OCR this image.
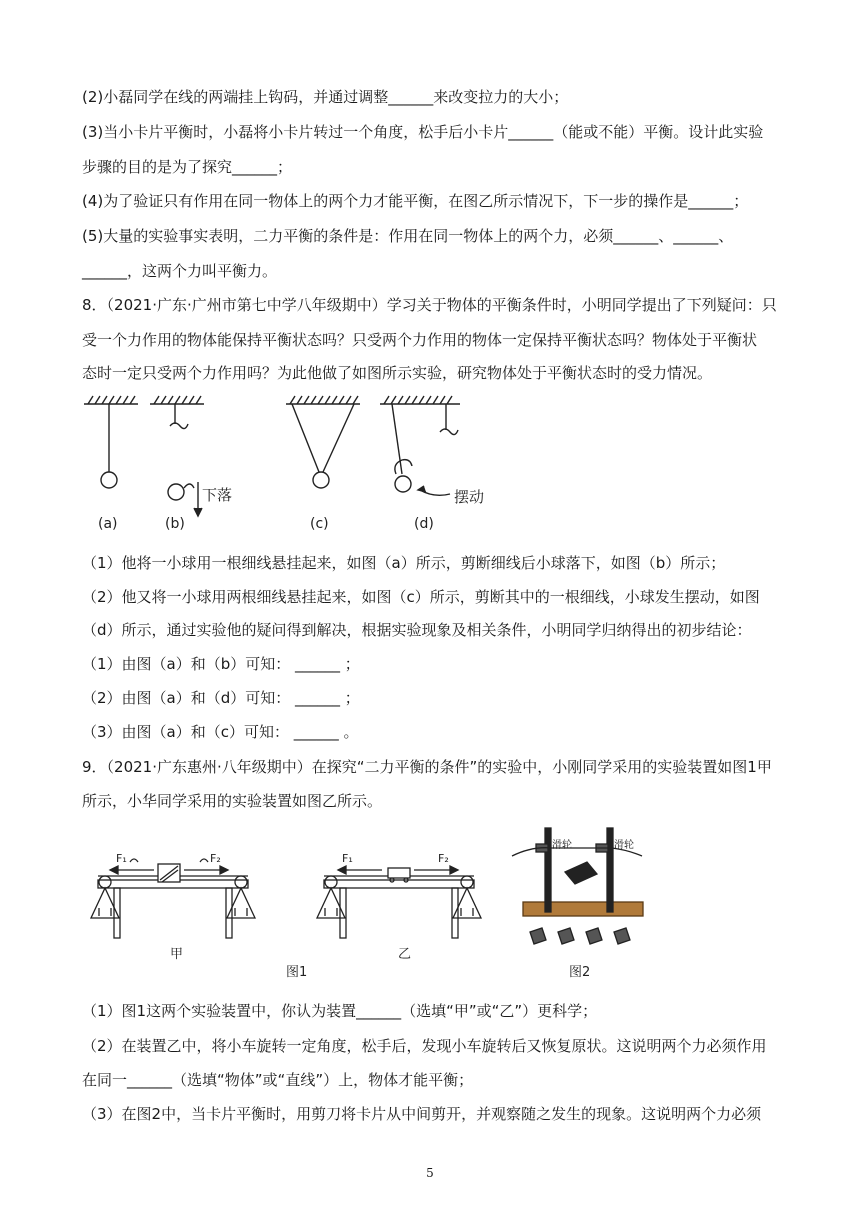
(2)小磊同学在线的两端挂上钩码，并通过调整______来改变拉力的大小；
(3)当小卡片平衡时，小磊将小卡片转过一个角度，松手后小卡片______（能或不能）平衡。设计此实验
步骤的目的是为了探究______；
(4)为了验证只有作用在同一物体上的两个力才能平衡，在图乙所示情况下，下一步的操作是______；
(5)大量的实验事实表明，二力平衡的条件是：作用在同一物体上的两个力，必须______、______、
______，这两个力叫平衡力。
8．（2021·广东·广州市第七中学八年级期中）学习关于物体的平衡条件时，小明同学提出了下列疑问：只
受一个力作用的物体能保持平衡状态吗？只受两个力作用的物体一定保持平衡状态吗？物体处于平衡状
态时一定只受两个力作用吗？为此他做了如图所示实验，研究物体处于平衡状态时的受力情况。
(a)	(b)	(c)	(d)
下落	摆动
（1）他将一小球用一根细线悬挂起来，如图（a）所示，剪断细线后小球落下，如图（b）所示；
（2）他又将一小球用两根细线悬挂起来，如图（c）所示，剪断其中的一根细线，小球发生摆动，如图
（d）所示，通过实验他的疑问得到解决，根据实验现象及相关条件，小明同学归纳得出的初步结论：
（1）由图（a）和（b）可知： ______ ；
（2）由图（a）和（d）可知： ______ ；
（3）由图（a）和（c）可知： ______ 。
9．（2021·广东惠州·八年级期中）在探究“二力平衡的条件”的实验中，小刚同学采用的实验装置如图1甲
所示，小华同学采用的实验装置如图乙所示。
F₁	F₂	F₁	F₂
滑轮	滑轮
甲	乙
图1	图2
（1）图1这两个实验装置中，你认为装置______（选填“甲”或“乙”）更科学；
（2）在装置乙中，将小车旋转一定角度，松手后，发现小车旋转后又恢复原状。这说明两个力必须作用
在同一______（选填“物体”或“直线”）上，物体才能平衡；
（3）在图2中，当卡片平衡时，用剪刀将卡片从中间剪开，并观察随之发生的现象。这说明两个力必须
5
